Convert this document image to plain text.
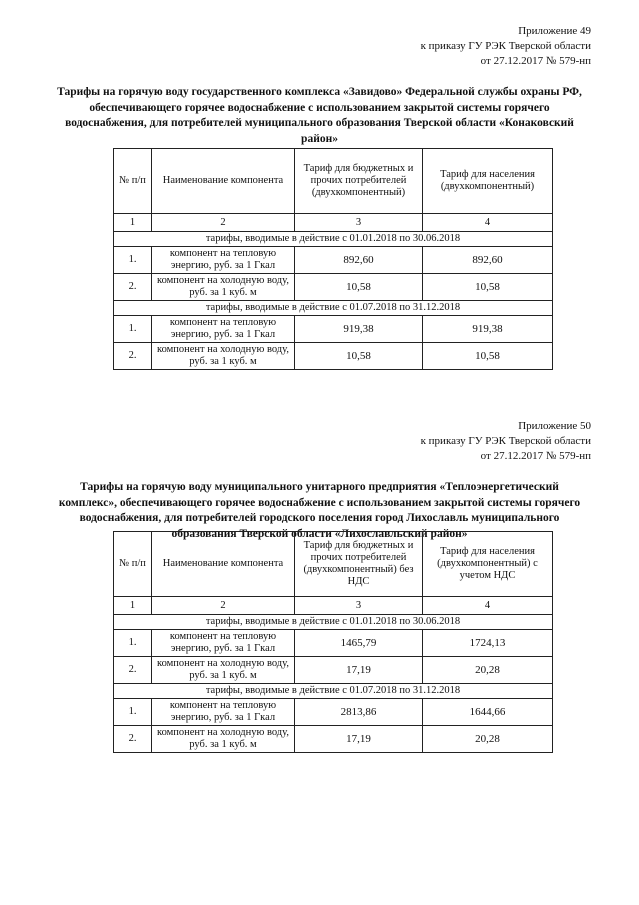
Приложение 49
к приказу ГУ РЭК Тверской области
от 27.12.2017 № 579-нп
Тарифы на горячую воду государственного комплекса «Завидово» Федеральной службы охраны РФ, обеспечивающего горячее водоснабжение с использованием закрытой системы горячего водоснабжения, для потребителей муниципального образования Тверской области «Конаковский район»
№ п/п	Наименование компонента	Тариф для бюджетных и прочих потребителей (двухкомпонентный)	Тариф для населения (двухкомпонентный)
1	2	3	4
тарифы, вводимые в действие с 01.01.2018 по 30.06.2018			
1.	компонент на тепловую энергию, руб. за 1 Гкал	892,60	892,60
2.	компонент на холодную воду, руб. за 1 куб. м	10,58	10,58
тарифы, вводимые в действие с 01.07.2018 по 31.12.2018			
1.	компонент на тепловую энергию, руб. за 1 Гкал	919,38	919,38
2.	компонент на холодную воду, руб. за 1 куб. м	10,58	10,58
Приложение 50
к приказу ГУ РЭК Тверской области
от 27.12.2017 № 579-нп
Тарифы на горячую воду муниципального унитарного предприятия «Теплоэнергетический комплекс», обеспечивающего горячее водоснабжение с использованием закрытой системы горячего водоснабжения, для потребителей городского поселения город Лихославль муниципального образования Тверской области «Лихославльский район»
№ п/п	Наименование компонента	Тариф для бюджетных и прочих потребителей (двухкомпонентный) без НДС	Тариф для населения (двухкомпонентный) с учетом НДС
1	2	3	4
тарифы, вводимые в действие с 01.01.2018 по 30.06.2018			
1.	компонент на тепловую энергию, руб. за 1 Гкал	1465,79	1724,13
2.	компонент на холодную воду, руб. за 1 куб. м	17,19	20,28
тарифы, вводимые в действие с 01.07.2018 по 31.12.2018			
1.	компонент на тепловую энергию, руб. за 1 Гкал	2813,86	1644,66
2.	компонент на холодную воду, руб. за 1 куб. м	17,19	20,28
